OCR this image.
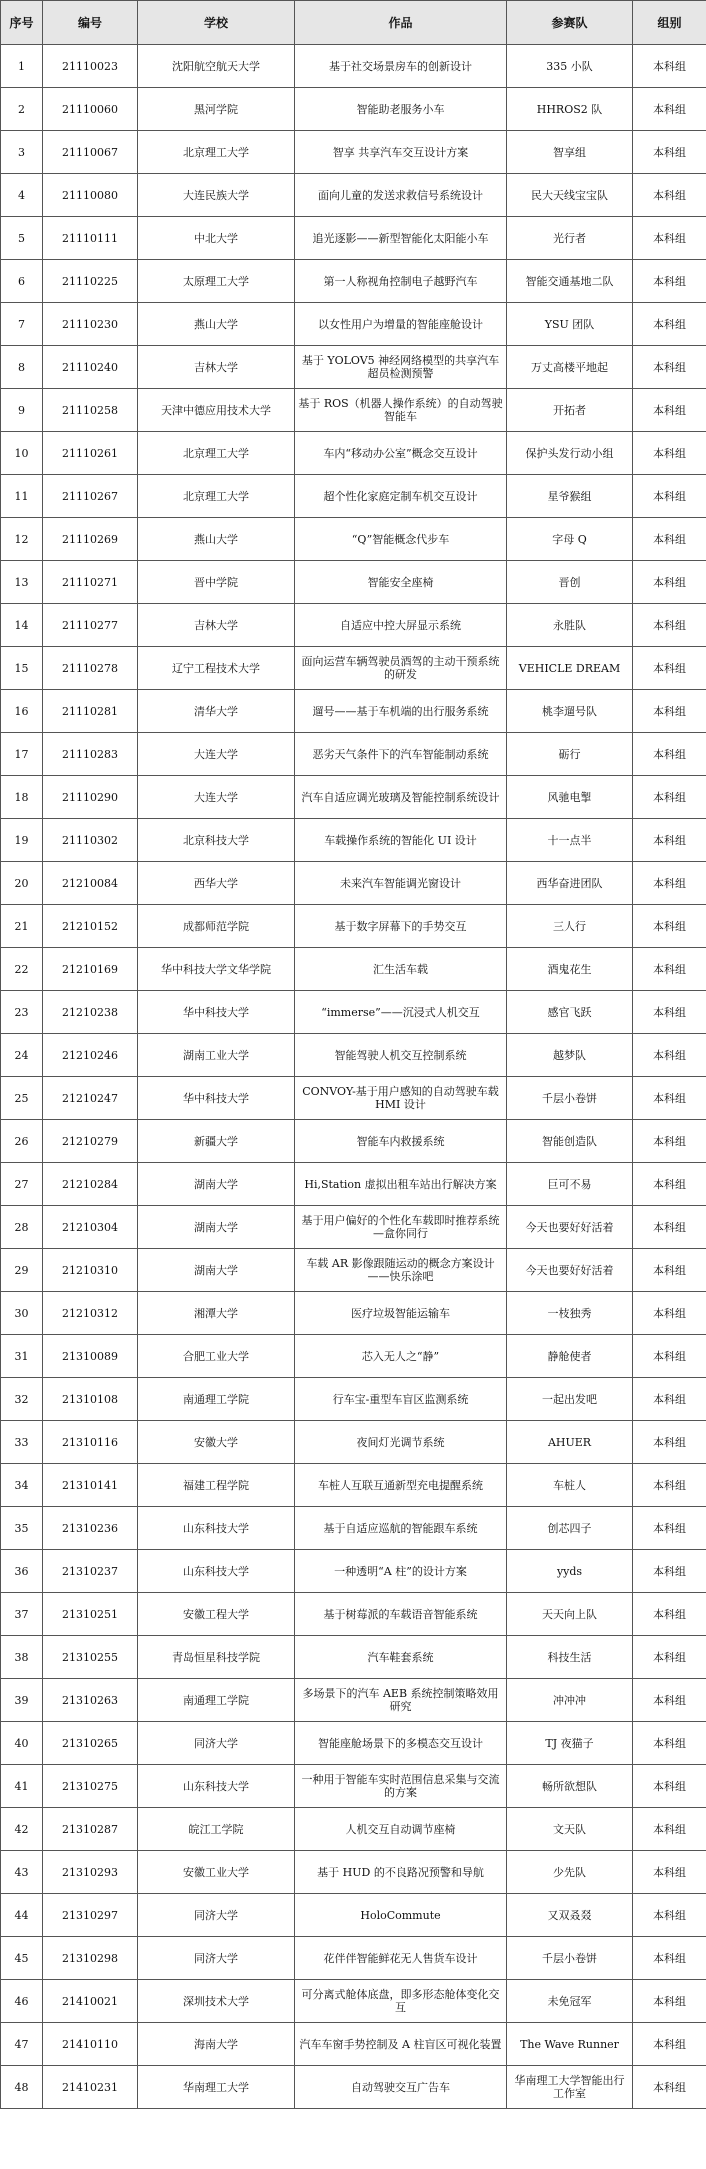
序号	编号	学校	作品	参赛队	组别
1	21110023	沈阳航空航天大学	基于社交场景房车的创新设计	335 小队	本科组
2	21110060	黑河学院	智能助老服务小车	HHROS2 队	本科组
3	21110067	北京理工大学	智享 共享汽车交互设计方案	智享组	本科组
4	21110080	大连民族大学	面向儿童的发送求救信号系统设计	民大天线宝宝队	本科组
5	21110111	中北大学	追光逐影——新型智能化太阳能小车	光行者	本科组
6	21110225	太原理工大学	第一人称视角控制电子越野汽车	智能交通基地二队	本科组
7	21110230	燕山大学	以女性用户为增量的智能座舱设计	YSU 团队	本科组
8	21110240	吉林大学	基于 YOLOV5 神经网络模型的共享汽车超员检测预警	万丈高楼平地起	本科组
9	21110258	天津中德应用技术大学	基于 ROS（机器人操作系统）的自动驾驶智能车	开拓者	本科组
10	21110261	北京理工大学	车内“移动办公室”概念交互设计	保护头发行动小组	本科组
11	21110267	北京理工大学	超个性化家庭定制车机交互设计	星爷猴组	本科组
12	21110269	燕山大学	“Q”智能概念代步车	字母 Q	本科组
13	21110271	晋中学院	智能安全座椅	晋创	本科组
14	21110277	吉林大学	自适应中控大屏显示系统	永胜队	本科组
15	21110278	辽宁工程技术大学	面向运营车辆驾驶员酒驾的主动干预系统的研发	VEHICLE DREAM	本科组
16	21110281	清华大学	遛号——基于车机端的出行服务系统	桃李遛号队	本科组
17	21110283	大连大学	恶劣天气条件下的汽车智能制动系统	砺行	本科组
18	21110290	大连大学	汽车自适应调光玻璃及智能控制系统设计	风驰电掣	本科组
19	21110302	北京科技大学	车载操作系统的智能化 UI 设计	十一点半	本科组
20	21210084	西华大学	未来汽车智能调光窗设计	西华奋进团队	本科组
21	21210152	成都师范学院	基于数字屏幕下的手势交互	三人行	本科组
22	21210169	华中科技大学文华学院	汇生活车载	酒鬼花生	本科组
23	21210238	华中科技大学	“immerse”——沉浸式人机交互	感官飞跃	本科组
24	21210246	湖南工业大学	智能驾驶人机交互控制系统	越梦队	本科组
25	21210247	华中科技大学	CONVOY-基于用户感知的自动驾驶车载 HMI 设计	千层小卷饼	本科组
26	21210279	新疆大学	智能车内救援系统	智能创造队	本科组
27	21210284	湖南大学	Hi,Station 虚拟出租车站出行解决方案	巨可不易	本科组
28	21210304	湖南大学	基于用户偏好的个性化车载即时推荐系统—盒你同行	今天也要好好活着	本科组
29	21210310	湖南大学	车载 AR 影像跟随运动的概念方案设计——快乐涂吧	今天也要好好活着	本科组
30	21210312	湘潭大学	医疗垃圾智能运输车	一枝独秀	本科组
31	21310089	合肥工业大学	芯入无人之“静”	静舱使者	本科组
32	21310108	南通理工学院	行车宝-重型车盲区监测系统	一起出发吧	本科组
33	21310116	安徽大学	夜间灯光调节系统	AHUER	本科组
34	21310141	福建工程学院	车桩人互联互通新型充电提醒系统	车桩人	本科组
35	21310236	山东科技大学	基于自适应巡航的智能跟车系统	创芯四子	本科组
36	21310237	山东科技大学	一种透明“A 柱”的设计方案	yyds	本科组
37	21310251	安徽工程大学	基于树莓派的车载语音智能系统	天天向上队	本科组
38	21310255	青岛恒星科技学院	汽车鞋套系统	科技生活	本科组
39	21310263	南通理工学院	多场景下的汽车 AEB 系统控制策略效用研究	冲冲冲	本科组
40	21310265	同济大学	智能座舱场景下的多模态交互设计	TJ 夜猫子	本科组
41	21310275	山东科技大学	一种用于智能车实时范围信息采集与交流的方案	畅所欲想队	本科组
42	21310287	皖江工学院	人机交互自动调节座椅	文天队	本科组
43	21310293	安徽工业大学	基于 HUD 的不良路况预警和导航	少先队	本科组
44	21310297	同济大学	HoloCommute	又双叒叕	本科组
45	21310298	同济大学	花伴伴智能鲜花无人售货车设计	千层小卷饼	本科组
46	21410021	深圳技术大学	可分离式舱体底盘，即多形态舱体变化交互	未免冠军	本科组
47	21410110	海南大学	汽车车窗手势控制及 A 柱盲区可视化装置	The Wave Runner	本科组
48	21410231	华南理工大学	自动驾驶交互广告车	华南理工大学智能出行工作室	本科组
